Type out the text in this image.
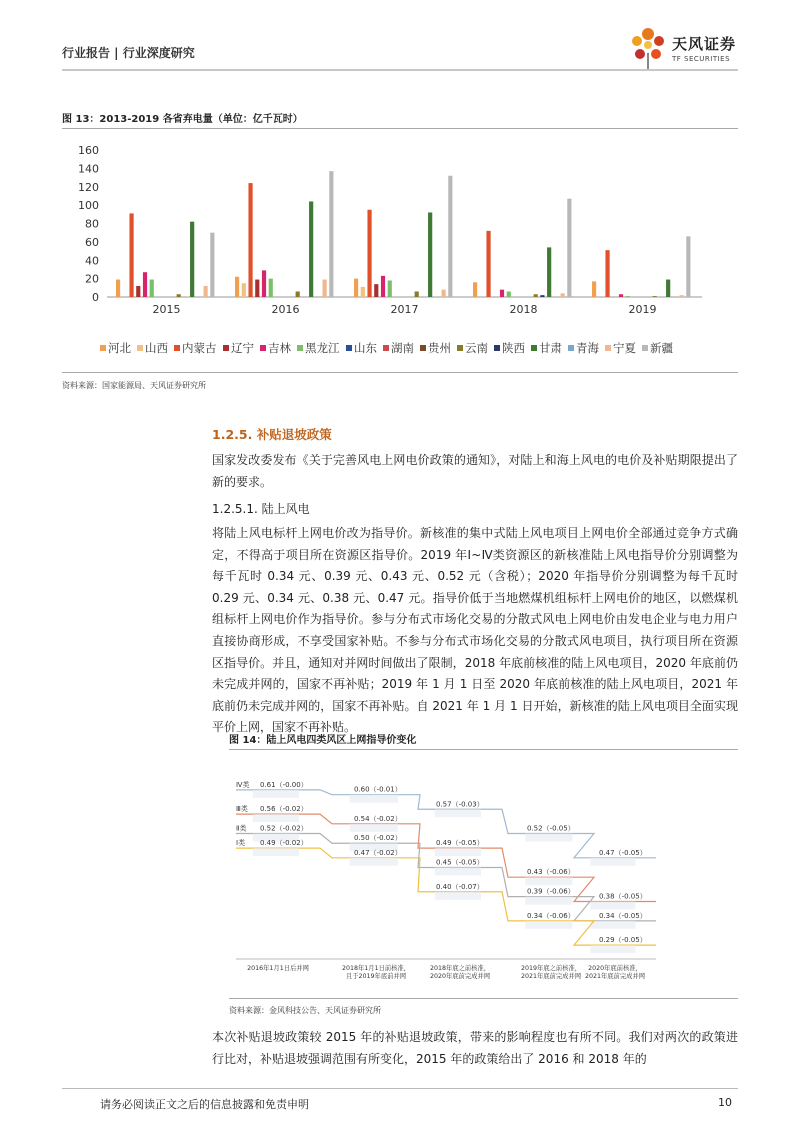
行业报告 | 行业深度研究	天风证券
TF SECURITIES
图 13：2013-2019 各省弃电量（单位：亿千瓦时）
0
20
40
60
80
100
120
140
160
2015	2016	2017	2018	2019
河北 山西 内蒙古 辽宁 吉林 黑龙江 山东 湖南 贵州 云南 陕西 甘肃 青海 宁夏 新疆
资料来源：国家能源局、天风证券研究所
1.2.5. 补贴退坡政策
国家发改委发布《关于完善风电上网电价政策的通知》，对陆上和海上风电的电价及补贴期限提出了新的要求。
1.2.5.1. 陆上风电
将陆上风电标杆上网电价改为指导价。新核准的集中式陆上风电项目上网电价全部通过竞争方式确定，不得高于项目所在资源区指导价。2019 年Ⅰ~Ⅳ类资源区的新核准陆上风电指导价分别调整为每千瓦时 0.34 元、0.39 元、0.43 元、0.52 元（含税）；2020 年指导价分别调整为每千瓦时 0.29 元、0.34 元、0.38 元、0.47 元。指导价低于当地燃煤机组标杆上网电价的地区，以燃煤机组标杆上网电价作为指导价。参与分布式市场化交易的分散式风电上网电价由发电企业与电力用户直接协商形成，不享受国家补贴。不参与分布式市场化交易的分散式风电项目，执行项目所在资源区指导价。并且，通知对并网时间做出了限制，2018 年底前核准的陆上风电项目，2020 年底前仍未完成并网的，国家不再补贴；2019 年 1 月 1 日至 2020 年底前核准的陆上风电项目，2021 年底前仍未完成并网的，国家不再补贴。自 2021 年 1 月 1 日开始，新核准的陆上风电项目全面实现平价上网，国家不再补贴。
图 14：陆上风电四类风区上网指导价变化
0.61（-0.00）
0.60（-0.01）
0.57（-0.03）
0.52（-0.05）
0.47（-0.05）
Ⅳ类
0.56（-0.02）
0.54（-0.02）
0.49（-0.05）
0.43（-0.06）
0.38（-0.05）
Ⅲ类
0.52（-0.02）
0.50（-0.02）
0.45（-0.05）
0.39（-0.06）
0.34（-0.05）
Ⅱ类
0.49（-0.02）
0.47（-0.02）
0.40（-0.07）
0.34（-0.06）
0.29（-0.05）
Ⅰ类
2016年1月1日后并网	2018年1月1日前核准，
且于2019年底前并网
2018年底之前核准，
2020年底前完成并网
2019年底之前核准，
2021年底前完成并网
2020年底前核准，
2021年底前完成并网
资料来源：金风科技公告、天风证券研究所
本次补贴退坡政策较 2015 年的补贴退坡政策，带来的影响程度也有所不同。我们对两次的政策进行比对，补贴退坡强调范围有所变化，2015 年的政策给出了 2016 和 2018 年的
请务必阅读正文之后的信息披露和免责申明	10
